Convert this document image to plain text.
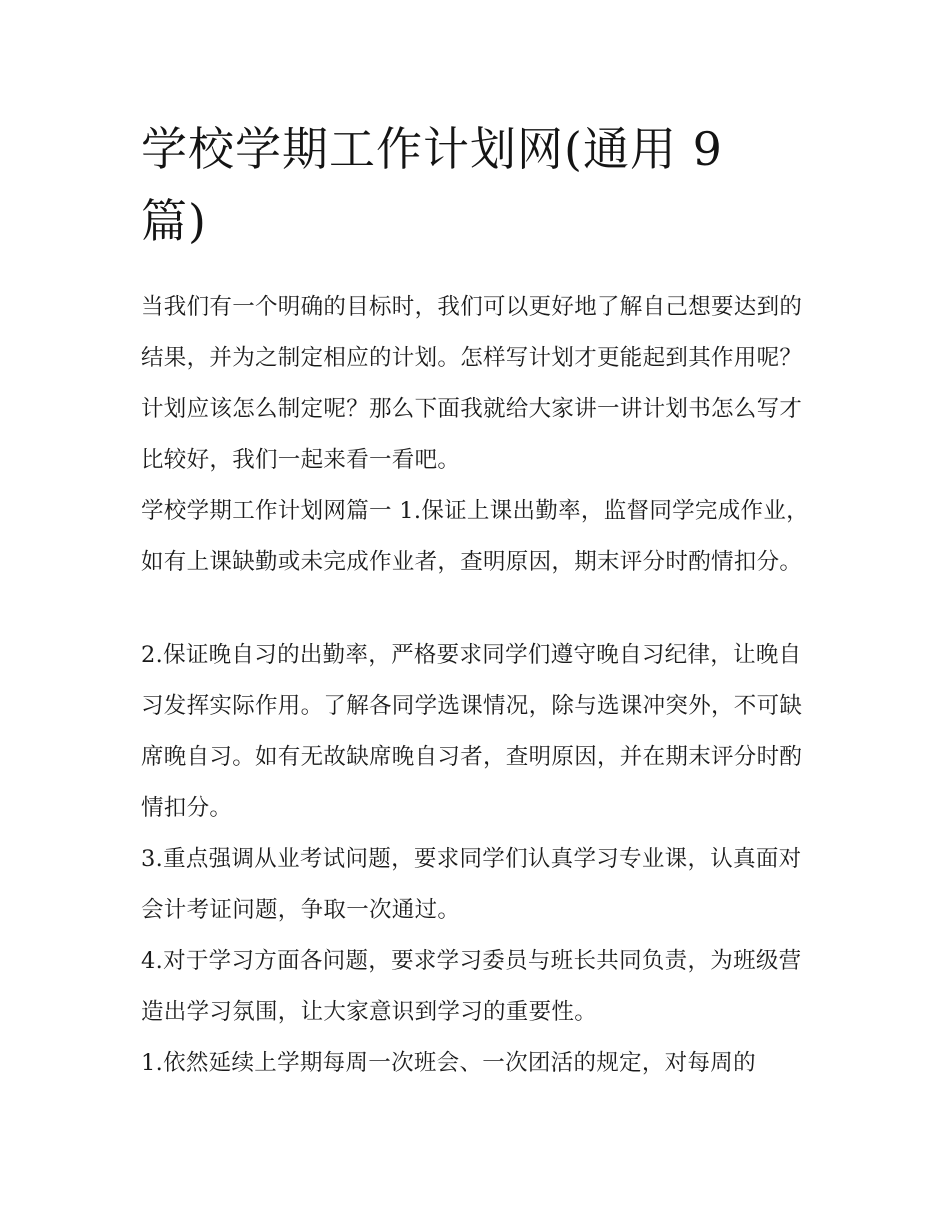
学校学期工作计划网(通用 9 篇)

当我们有一个明确的目标时，我们可以更好地了解自己想要达到的结果，并为之制定相应的计划。怎样写计划才更能起到其作用呢？计划应该怎么制定呢？那么下面我就给大家讲一讲计划书怎么写才比较好，我们一起来看一看吧。

学校学期工作计划网篇一 1.保证上课出勤率，监督同学完成作业，如有上课缺勤或未完成作业者，查明原因，期末评分时酌情扣分。

2.保证晚自习的出勤率，严格要求同学们遵守晚自习纪律，让晚自习发挥实际作用。了解各同学选课情况，除与选课冲突外，不可缺席晚自习。如有无故缺席晚自习者，查明原因，并在期末评分时酌情扣分。

3.重点强调从业考试问题，要求同学们认真学习专业课，认真面对会计考证问题，争取一次通过。

4.对于学习方面各问题，要求学习委员与班长共同负责，为班级营造出学习氛围，让大家意识到学习的重要性。

1.依然延续上学期每周一次班会、一次团活的规定，对每周的
